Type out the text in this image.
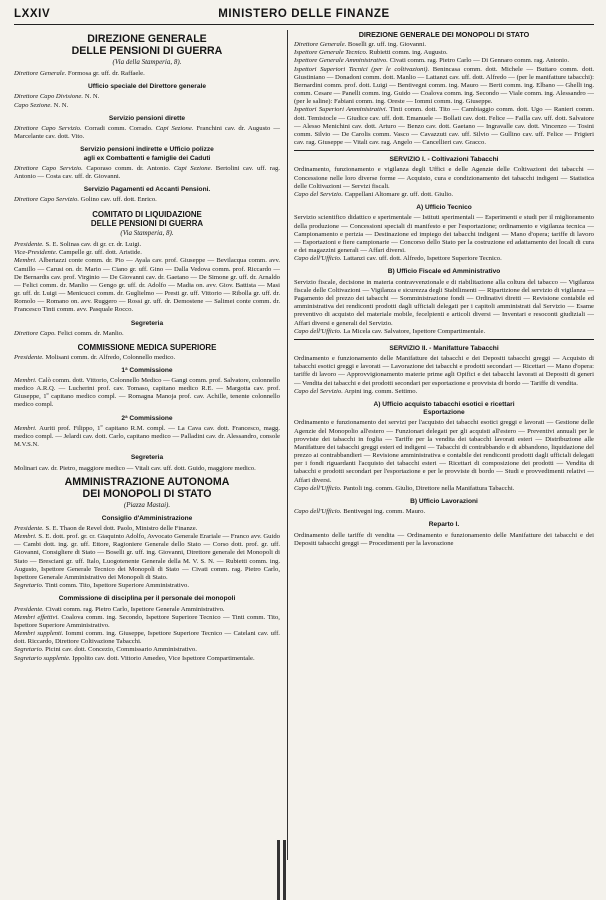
LXXIV	MINISTERO DELLE FINANZE
DIREZIONE GENERALE
DELLE PENSIONI DI GUERRA
(Via della Stamperia, 8).

Direttore Generale. Formosa gr. uff. dr. Raffaele.

Ufficio speciale del Direttore generale

Direttore Capo Divisione. N. N.

Capo Sezione. N. N.

Servizio pensioni dirette

Direttore Capo Servizio. Corradi comm. Corrado. Capi Sezione. Franchini cav. dr. Augusto — Marcelante cav. dott. Vito.

Servizio pensioni indirette e Ufficio polizze
agli ex Combattenti e famiglie dei Caduti

Direttore Capo Servizio. Caporaso comm. dr. Antonio. Capi Sezione. Bertolini cav. uff. rag. Antonio — Costa cav. uff. dr. Giovanni.

Servizio Pagamenti ed Accanti Pensioni.

Direttore Capo Servizio. Golino cav. uff. dott. Enrico.

COMITATO DI LIQUIDAZIONE
DELLE PENSIONI DI GUERRA
(Via Stamperia, 8).

Presidente. S. E. Solinas cav. di gr. cr. dr. Luigi.

Vice-Presidente. Campelle gr. uff. dott. Aristide.

Membri. Albertazzi conte comm. dr. Pio — Ayala cav. prof. Giuseppe — Bevilacqua comm. avv. Camillo — Carusi on. dr. Mario — Ciano gr. uff. Gino — Dalla Vedova comm. prof. Riccardo — De Bernardis cav. prof. Virginio — De Giovanni cav. dr. Gaetano — De Simone gr. uff. dr. Arnaldo — Felici comm. dr. Manlio — Gengo gr. uff. dr. Adolfo — Madia on. avv. Giov. Battista — Masi gr. uff. dr. Luigi — Menicucci comm. dr. Guglielmo — Presti gr. uff. Vittorio — Ribolla gr. uff. dr. Romolo — Romano on. avv. Ruggero — Rossi gr. uff. dr. Demostene — Salimei conte comm. dr. Francesco Tinti comm. avv. Pasquale Rocco.

Segreteria

Direttore Capo. Felici comm. dr. Manlio.

COMMISSIONE MEDICA SUPERIORE

Presidente. Molisani comm. dr. Alfredo, Colonnello medico.

1ª Commissione

Membri. Calò comm. dott. Vittorio, Colonnello Medico — Gangi comm. prof. Salvatore, colonnello medico A.R.Q. — Lucherini prof. cav. Tomaso, capitano medico R.E. — Margotta cav. prof. Giuseppe, 1º capitano medico compl. — Romagna Manoja prof. cav. Achille, tenente colonnello medico compl.

2ª Commissione

Membri. Auriti prof. Filippo, 1º capitano R.M. compl. — La Cava cav. dott. Francesco, magg. medico compl. — Jelardi cav. dott. Carlo, capitano medico — Palladini cav. dr. Alessandro, console M.V.S.N.

Segreteria

Molinari cav. dr. Pietro, maggiore medico — Vitali cav. uff. dott. Guido, maggiore medico.

AMMINISTRAZIONE AUTONOMA
DEI MONOPOLI DI STATO
(Piazza Mastai).
Consiglio d'Amministrazione

Presidente. S. E. Thaon de Revel dott. Paolo, Ministro delle Finanze.

Membri. S. E. dott. prof. gr. cr. Giaquinto Adolfo, Avvocato Generale Erariale — Franco avv. Guido — Cambi dott. ing. gr. uff. Ettore, Ragioniere Generale dello Stato — Corso dott. prof. gr. uff. Giovanni, Consigliere di Stato — Boselli gr. uff. ing. Giovanni, Direttore generale dei Monopoli di Stato — Bresciani gr. uff. Italo, Luogotenente Generale della M. V. S. N. — Rubietti comm. ing. Augusto, Ispettore Generale Tecnico dei Monopoli di Stato — Civati comm. rag. Pietro Carlo, Ispettore Generale Amministrativo dei Monopoli di Stato.

Segretario. Tinti comm. Tito, Ispettore Superiore Amministrativo.

Commissione di disciplina per il personale dei monopoli

Presidente. Civati comm. rag. Pietro Carlo, Ispettore Generale Amministrativo.

Membri effettivi. Coalova comm. ing. Secondo, Ispettore Superiore Tecnico — Tinti comm. Tito, Ispettore Superiore Amministrativo.

Membri supplenti. Iommi comm. ing. Giuseppe, Ispettore Superiore Tecnico — Catelani cav. uff. dott. Riccardo, Direttore Coltivazione Tabacchi.

Segretario. Picini cav. dott. Concezio, Commissario Amministrativo.

Segretario supplente. Ippolito cav. dott. Vittorio Amedeo, Vice Ispettore Compartimentale.

DIREZIONE GENERALE DEI MONOPOLI DI STATO

Direttore Generale. Boselli gr. uff. ing. Giovanni.

Ispettore Generale Tecnico. Rubietti comm. ing. Augusto.

Ispettore Generale Amministrativo. Civati comm. rag. Pietro Carlo — Di Gennaro comm. rag. Antonio.

Ispettori Superiori Tecnici (per le coltivazioni). Benincasa comm. dott. Michele — Buttaro comm. dott. Giustiniano — Donadoni comm. dott. Manlio — Lattanzi cav. uff. dott. Alfredo — (per le manifatture tabacchi): Bernardini comm. prof. dott. Luigi — Bentivegni comm. ing. Mauro — Berti comm. ing. Elbano — Ghelli ing. comm. Cesare — Panelli comm. ing. Guido — Coalova comm. ing. Secondo — Viale comm. ing. Alessandro — (per le saline): Fabiani comm. ing. Oreste — Iommi comm. ing. Giuseppe.

Ispettori Superiori Amministrativi. Tinti comm. dott. Tito — Cambiaggio comm. dott. Ugo — Ranieri comm. dott. Temistocle — Giudice cav. uff. dott. Emanuele — Bollati cav. dott. Felice — Failla cav. uff. dott. Salvatore — Alesso Menichini cav. dott. Arturo — Benzo cav. dott. Gaetano — Ingravalle cav. dott. Vincenzo — Tosini comm. Silvio — De Carolis comm. Vasco — Cavazzuti cav. uff. Silvio — Gullino cav. uff. Felice — Frigieri cav. rag. Giuseppe — Vitali cav. rag. Angelo — Cancellieri cav. Gracco.

SERVIZIO I. - Coltivazioni Tabacchi

Ordinamento, funzionamento e vigilanza degli Uffici e delle Agenzie delle Coltivazioni dei tabacchi — Concessione nelle loro diverse forme — Acquisto, cura e condizionamento dei tabacchi indigeni — Statistica delle Coltivazioni — Servizi fiscali.

Capo del Servizio. Cappellani Altomare gr. uff. dott. Giulio.

A) Ufficio Tecnico

Servizio scientifico didattico e sperimentale — Istituti sperimentali — Esperimenti e studi per il miglioramento della produzione — Concessioni speciali di manifesto e per l'esportazione; ordinamento e vigilanza tecnica — Campionamento e perizia — Destinazione ed impiego dei tabacchi indigeni — Mano d'opera; tariffe di lavoro — Esportazioni e fiere campionarie — Concorso dello Stato per la costruzione ed adattamento dei locali di cura e dei magazzini generali — Affari diversi.

Capo dell'Ufficio. Lattanzi cav. uff. dott. Alfredo, Ispettore Superiore Tecnico.

B) Ufficio Fiscale ed Amministrativo

Servizio fiscale, decisione in materia contravvenzionale e di riabilitazione alla coltura del tabacco — Vigilanza fiscale delle Coltivazioni — Vigilanza e sicurezza degli Stabilimenti — Ripartizione del servizio di vigilanza — Pagamento del prezzo dei tabacchi — Somministrazione fondi — Ordinativi diretti — Revisione contabile ed amministrativa dei rendiconti prodotti dagli ufficiali delegati per i capitoli amministrati dal Servizio — Esame preventivo di acquisto del materiale mobile, fecelpienti e articoli diversi — Inventari e resoconti giudiziali — Affari diversi e generali del Servizio.

Capo dell'Ufficio. La Micela cav. Salvatore, Ispettore Compartimentale.

SERVIZIO II. - Manifatture Tabacchi

Ordinamento e funzionamento delle Manifatture dei tabacchi e dei Depositi tabacchi greggi — Acquisto di tabacchi esotici greggi e lavorati — Lavorazione dei tabacchi e prodotti secondari — Ricettari — Mano d'opera: tariffe di lavoro — Approvvigionamento materie prime agli Opifici e dei tabacchi lavorati ai Depositi di generi — Vendita dei tabacchi e dei prodotti secondari per esportazione e provvista di bordo — Tariffe di vendita.

Capo del Servizio. Arpini ing. comm. Settimo.

A) Ufficio acquisto tabacchi esotici e ricettari
Esportazione

Ordinamento e funzionamento dei servizi per l'acquisto dei tabacchi esotici greggi e lavorati — Gestione delle Agenzie del Monopolio all'estero — Funzionari delegati per gli acquisti all'estero — Preventivi annuali per le provviste dei tabacchi in foglia — Tariffe per la vendita dei tabacchi lavorati esteri — Distribuzione alle Manifatture dei tabacchi greggi esteri ed indigeni — Tabacchi di contrabbando e di abbandono, liquidazione del prezzo ai contrabbandieri — Revisione amministrativa e contabile dei rendiconti prodotti dagli ufficiali delegati per i fondi riguardanti l'acquisto dei tabacchi esteri — Ricettari di composizione dei prodotti — Vendita di tabacchi e prodotti secondari per l'esportazione e per le provviste di bordo — Studi e provvedimenti relativi — Affari diversi.

Capo dell'Ufficio. Pantoli ing. comm. Giulio, Direttore nella Manifattura Tabacchi.

B) Ufficio Lavorazioni

Capo dell'Ufficio. Bentivegni ing. comm. Mauro.

Reparto I.

Ordinamento delle tariffe di vendita — Ordinamento e funzionamento delle Manifatture dei tabacchi e dei Depositi tabacchi greggi — Procedimenti per la lavorazione
